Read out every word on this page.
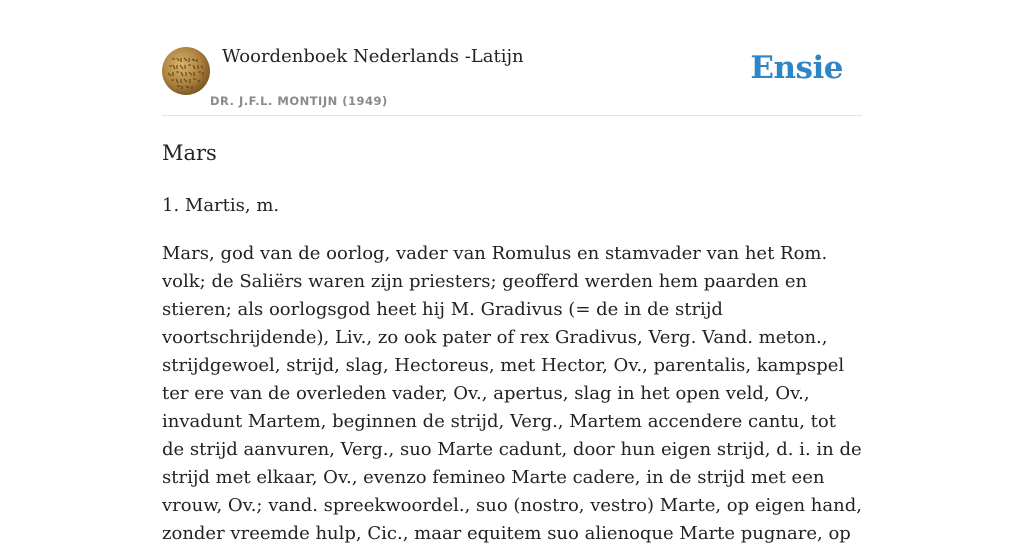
Woordenboek Nederlands -Latijn
DR. J.F.L. MONTIJN (1949)
Ensie
Mars

1. Martis, m.

Mars, god van de oorlog, vader van Romulus en stamvader van het Rom. volk; de Saliërs waren zijn priesters; geofferd werden hem paarden en stieren; als oorlogsgod heet hij M. Gradivus (= de in de strijd voortschrijdende), Liv., zo ook pater of rex Gradivus, Verg. Vand. meton., strijdgewoel, strijd, slag, Hectoreus, met Hector, Ov., parentalis, kampspel ter ere van de overleden vader, Ov., apertus, slag in het open veld, Ov., invadunt Martem, beginnen de strijd, Verg., Martem accendere cantu, tot de strijd aanvuren, Verg., suo Marte cadunt, door hun eigen strijd, d. i. in de strijd met elkaar, Ov., evenzo femineo Marte cadere, in de strijd met een vrouw, Ov.; vand. spreekwoordel., suo (nostro, vestro) Marte, op eigen hand, zonder vreemde hulp, Cic., maar equitem suo alienoque Marte pugnare, op
